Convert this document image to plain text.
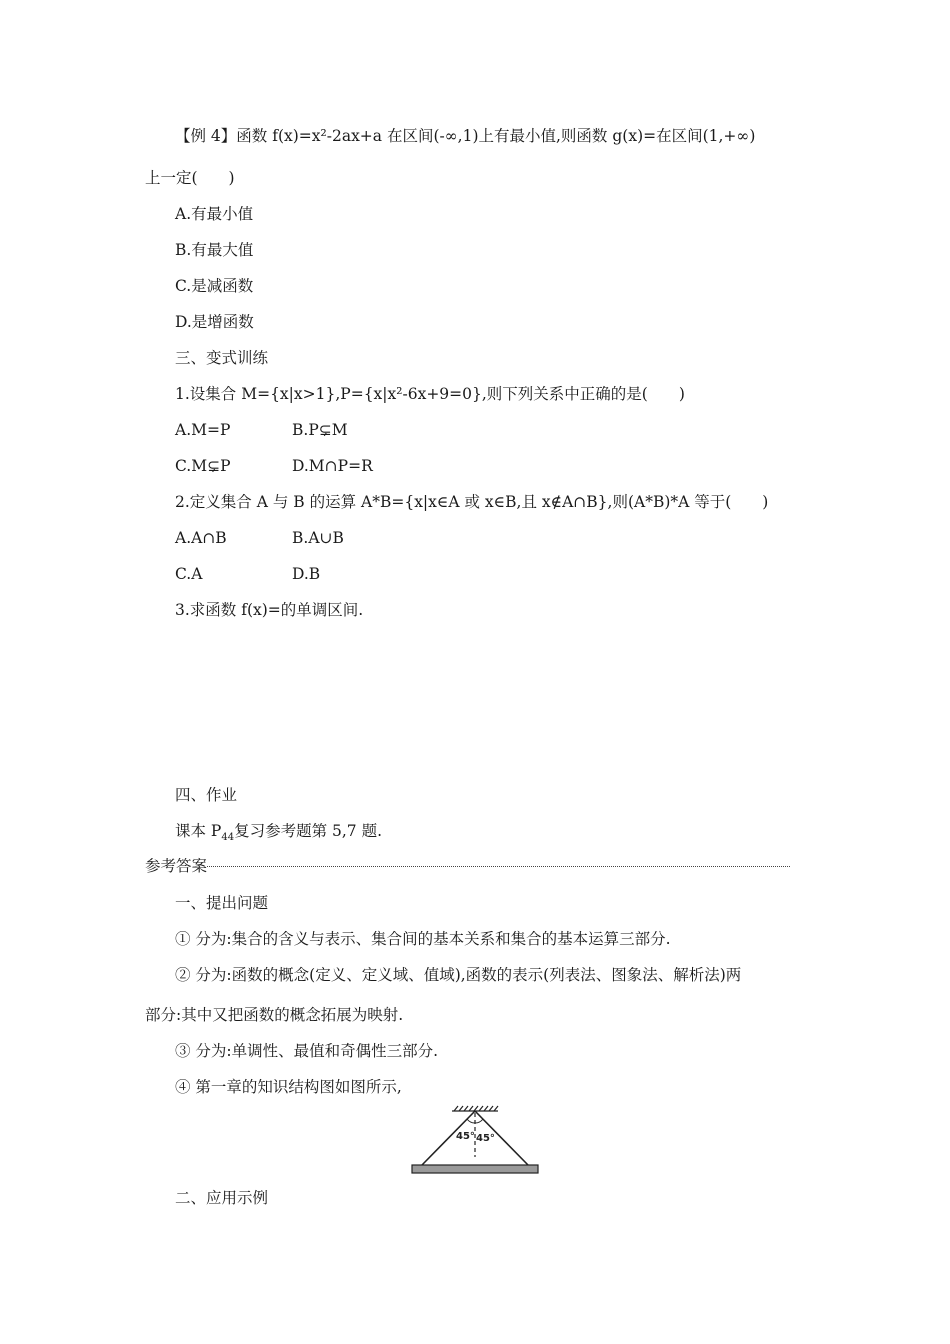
【例 4】函数 f(x)=x²-2ax+a 在区间(-∞,1)上有最小值,则函数 g(x)=在区间(1,+∞)
上一定(　　)
A.有最小值
B.有最大值
C.是减函数
D.是增函数
三、变式训练
1.设集合 M={x|x>1},P={x|x²-6x+9=0},则下列关系中正确的是(　　)
A.M=P	B.P⊊M
C.M⊊P	D.M∩P=R
2.定义集合 A 与 B 的运算 A*B={x|x∈A 或 x∈B,且 x∉A∩B},则(A*B)*A 等于(　　)
A.A∩B	B.A∪B
C.A	D.B
3.求函数 f(x)=的单调区间.
四、作业
课本 $P_{44}$复习参考题第 5,7 题.
参考答案
一、提出问题
① 分为:集合的含义与表示、集合间的基本关系和集合的基本运算三部分.
② 分为:函数的概念(定义、定义域、值域),函数的表示(列表法、图象法、解析法)两
部分:其中又把函数的概念拓展为映射.
③ 分为:单调性、最值和奇偶性三部分.
④ 第一章的知识结构图如图所示,
45° 45°
二、应用示例
